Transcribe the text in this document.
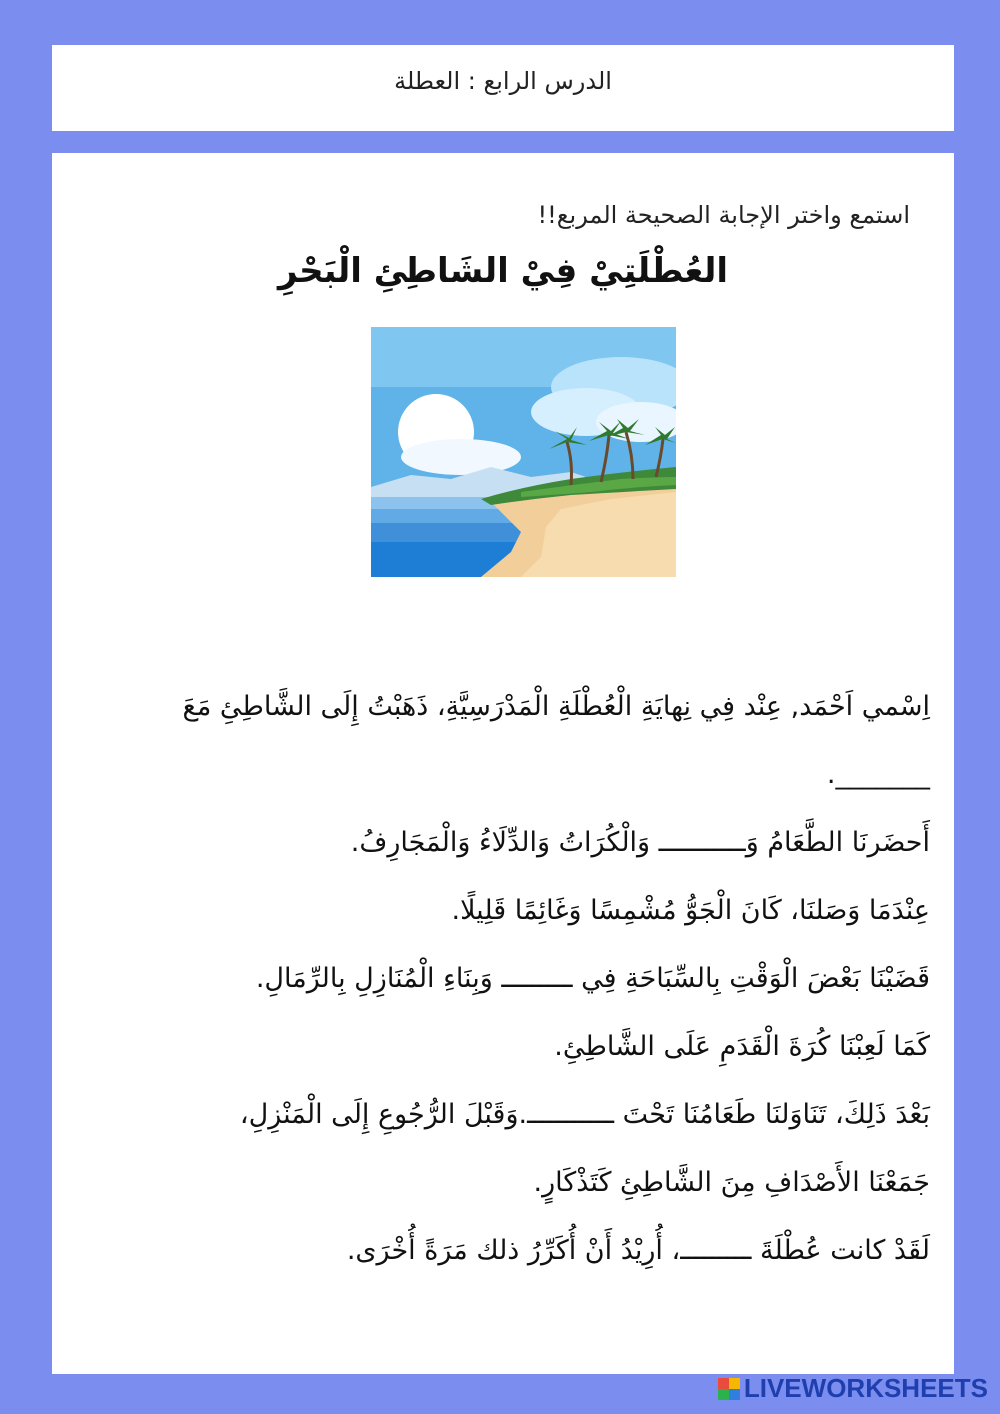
الدرس الرابع : العطلة
استمع واختر الإجابة الصحيحة المربع!!
العُطْلَتِيْ فِيْ الشَاطِئِ الْبَحْرِ
اِسْمي اَحْمَد, عِنْد فِي نِهايَةِ الْعُطْلَةِ الْمَدْرَسِيَّةِ، ذَهَبْتُ إِلَى الشَّاطِئِ مَعَ
_______.
أَحضَرنَا الطَّعَامُ وَـــــــــــ وَالْكُرَاتُ وَالدِّلَاءُ وَالْمَجَارِفُ.
عِنْدَمَا وَصَلنَا، كَانَ الْجَوُّ مُشْمِسًا وَغَائِمًا قَلِيلًا.
قَضَيْنَا بَعْضَ الْوَقْتِ بِالسِّبَاحَةِ فِي ـــــــــ وَبِنَاءِ الْمُنَازِلِ بِالرِّمَالِ.
كَمَا لَعِبْنَا كُرَةَ الْقَدَمِ عَلَى الشَّاطِئِ.
بَعْدَ ذَلِكَ، تَنَاوَلنَا طَعَامُنَا تَحْتَ ـــــــــــ.وَقَبْلَ الرُّجُوعِ إِلَى الْمَنْزِلِ،
جَمَعْنَا الأَصْدَافِ مِنَ الشَّاطِئِ كَتَذْكَارٍ.
لَقَدْ كانت عُطْلَةَ ـــــــــ، أُرِيْدُ أَنْ أُكَرِّرُ ذلك مَرَةً أُخْرَى.
LIVEWORKSHEETS
